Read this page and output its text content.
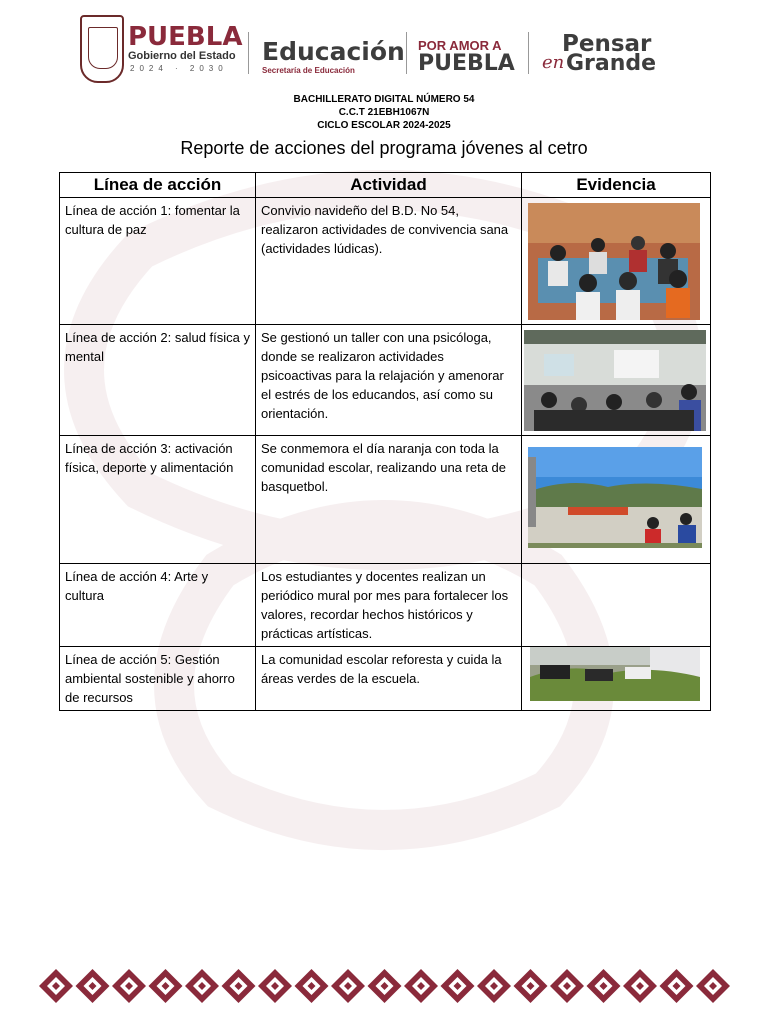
PUEBLA
Gobierno del Estado
2024 · 2030
Educación
Secretaría de Educación
POR AMOR A
PUEBLA
Pensar
en Grande
BACHILLERATO DIGITAL NÚMERO 54
C.C.T 21EBH1067N
CICLO ESCOLAR 2024-2025
Reporte de acciones del programa jóvenes al cetro
Línea de acción	Actividad	Evidencia
Línea de acción 1: fomentar la cultura de paz	Convivio navideño del B.D. No 54, realizaron actividades de convivencia sana (actividades lúdicas).	

Línea de acción 2: salud física y mental	Se gestionó un taller con una psicóloga, donde se realizaron actividades psicoactivas para la relajación y amenorar el estrés de los educandos, así como su orientación.	

Línea de acción 3: activación física, deporte y alimentación	Se conmemora el día naranja con toda la comunidad escolar, realizando una reta de basquetbol.	

Línea de acción 4: Arte y cultura	Los estudiantes y docentes realizan un periódico mural por mes para fortalecer los valores, recordar hechos históricos y prácticas artísticas.	
Línea de acción 5: Gestión ambiental sostenible y ahorro de recursos	La comunidad escolar reforesta y cuida la áreas verdes de la escuela.	
